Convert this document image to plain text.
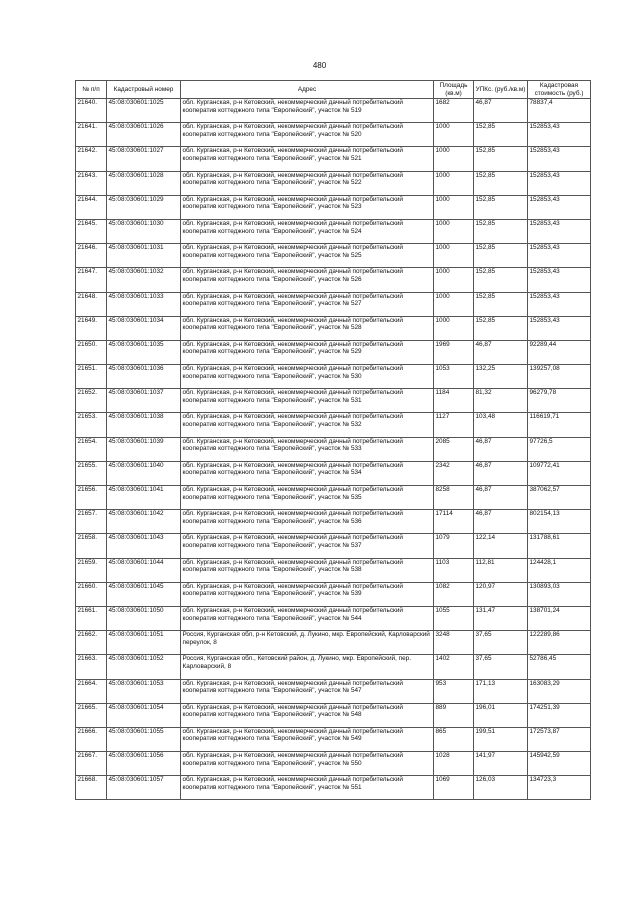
480
№ п/п	Кадастровый номер	Адрес	Площадь (кв.м)	УПКс. (руб./кв.м)	Кадастровая стоимость (руб.)
21640.	45:08:030601:1025	обл. Курганская, р-н Кетовский, некоммерческий дачный потребительский кооператив коттеджного типа "Европейский", участок № 519	1682	46,87	78837,4
21641.	45:08:030601:1026	обл. Курганская, р-н Кетовский, некоммерческий дачный потребительский кооператив коттеджного типа "Европейский", участок № 520	1000	152,85	152853,43
21642.	45:08:030601:1027	обл. Курганская, р-н Кетовский, некоммерческий дачный потребительский кооператив коттеджного типа "Европейский", участок № 521	1000	152,85	152853,43
21643.	45:08:030601:1028	обл. Курганская, р-н Кетовский, некоммерческий дачный потребительский кооператив коттеджного типа "Европейский", участок № 522	1000	152,85	152853,43
21644.	45:08:030601:1029	обл. Курганская, р-н Кетовский, некоммерческий дачный потребительский кооператив коттеджного типа "Европейский", участок № 523	1000	152,85	152853,43
21645.	45:08:030601:1030	обл. Курганская, р-н Кетовский, некоммерческий дачный потребительский кооператив коттеджного типа "Европейский", участок № 524	1000	152,85	152853,43
21646.	45:08:030601:1031	обл. Курганская, р-н Кетовский, некоммерческий дачный потребительский кооператив коттеджного типа "Европейский", участок № 525	1000	152,85	152853,43
21647.	45:08:030601:1032	обл. Курганская, р-н Кетовский, некоммерческий дачный потребительский кооператив коттеджного типа "Европейский", участок № 526	1000	152,85	152853,43
21648.	45:08:030601:1033	обл. Курганская, р-н Кетовский, некоммерческий дачный потребительский кооператив коттеджного типа "Европейский", участок № 527	1000	152,85	152853,43
21649.	45:08:030601:1034	обл. Курганская, р-н Кетовский, некоммерческий дачный потребительский кооператив коттеджного типа "Европейский", участок № 528	1000	152,85	152853,43
21650.	45:08:030601:1035	обл. Курганская, р-н Кетовский, некоммерческий дачный потребительский кооператив коттеджного типа "Европейский", участок № 529	1969	46,87	92289,44
21651.	45:08:030601:1036	обл. Курганская, р-н Кетовский, некоммерческий дачный потребительский кооператив коттеджного типа "Европейский", участок № 530	1053	132,25	139257,08
21652.	45:08:030601:1037	обл. Курганская, р-н Кетовский, некоммерческий дачный потребительский кооператив коттеджного типа "Европейский", участок № 531	1184	81,32	96279,78
21653.	45:08:030601:1038	обл. Курганская, р-н Кетовский, некоммерческий дачный потребительский кооператив коттеджного типа "Европейский", участок № 532	1127	103,48	116619,71
21654.	45:08:030601:1039	обл. Курганская, р-н Кетовский, некоммерческий дачный потребительский кооператив коттеджного типа "Европейский", участок № 533	2085	46,87	97726,5
21655.	45:08:030601:1040	обл. Курганская, р-н Кетовский, некоммерческий дачный потребительский кооператив коттеджного типа "Европейский", участок № 534	2342	46,87	109772,41
21656.	45:08:030601:1041	обл. Курганская, р-н Кетовский, некоммерческий дачный потребительский кооператив коттеджного типа "Европейский", участок № 535	8258	46,87	387062,57
21657.	45:08:030601:1042	обл. Курганская, р-н Кетовский, некоммерческий дачный потребительский кооператив коттеджного типа "Европейский", участок № 536	17114	46,87	802154,13
21658.	45:08:030601:1043	обл. Курганская, р-н Кетовский, некоммерческий дачный потребительский кооператив коттеджного типа "Европейский", участок № 537	1079	122,14	131788,61
21659.	45:08:030601:1044	обл. Курганская, р-н Кетовский, некоммерческий дачный потребительский кооператив коттеджного типа "Европейский", участок № 538	1103	112,81	124428,1
21660.	45:08:030601:1045	обл. Курганская, р-н Кетовский, некоммерческий дачный потребительский кооператив коттеджного типа "Европейский", участок № 539	1082	120,97	130893,03
21661.	45:08:030601:1050	обл. Курганская, р-н Кетовский, некоммерческий дачный потребительский кооператив коттеджного типа "Европейский", участок № 544	1055	131,47	138701,24
21662.	45:08:030601:1051	Россия, Курганская обл, р-н Кетовский, д. Лукино, мкр. Европейский, Карловарский переулок, 8	3248	37,65	122289,86
21663.	45:08:030601:1052	Россия, Курганская обл., Кетовский район, д. Лукино, мкр. Европейский, пер. Карловарский, 8	1402	37,65	52786,45
21664.	45:08:030601:1053	обл. Курганская, р-н Кетовский, некоммерческий дачный потребительский кооператив коттеджного типа "Европейский", участок № 547	953	171,13	163083,29
21665.	45:08:030601:1054	обл. Курганская, р-н Кетовский, некоммерческий дачный потребительский кооператив коттеджного типа "Европейский", участок № 548	889	196,01	174251,39
21666.	45:08:030601:1055	обл. Курганская, р-н Кетовский, некоммерческий дачный потребительский кооператив коттеджного типа "Европейский", участок № 549	865	199,51	172573,87
21667.	45:08:030601:1056	обл. Курганская, р-н Кетовский, некоммерческий дачный потребительский кооператив коттеджного типа "Европейский", участок № 550	1028	141,97	145942,59
21668.	45:08:030601:1057	обл. Курганская, р-н Кетовский, некоммерческий дачный потребительский кооператив коттеджного типа "Европейский", участок № 551	1069	126,03	134723,3
